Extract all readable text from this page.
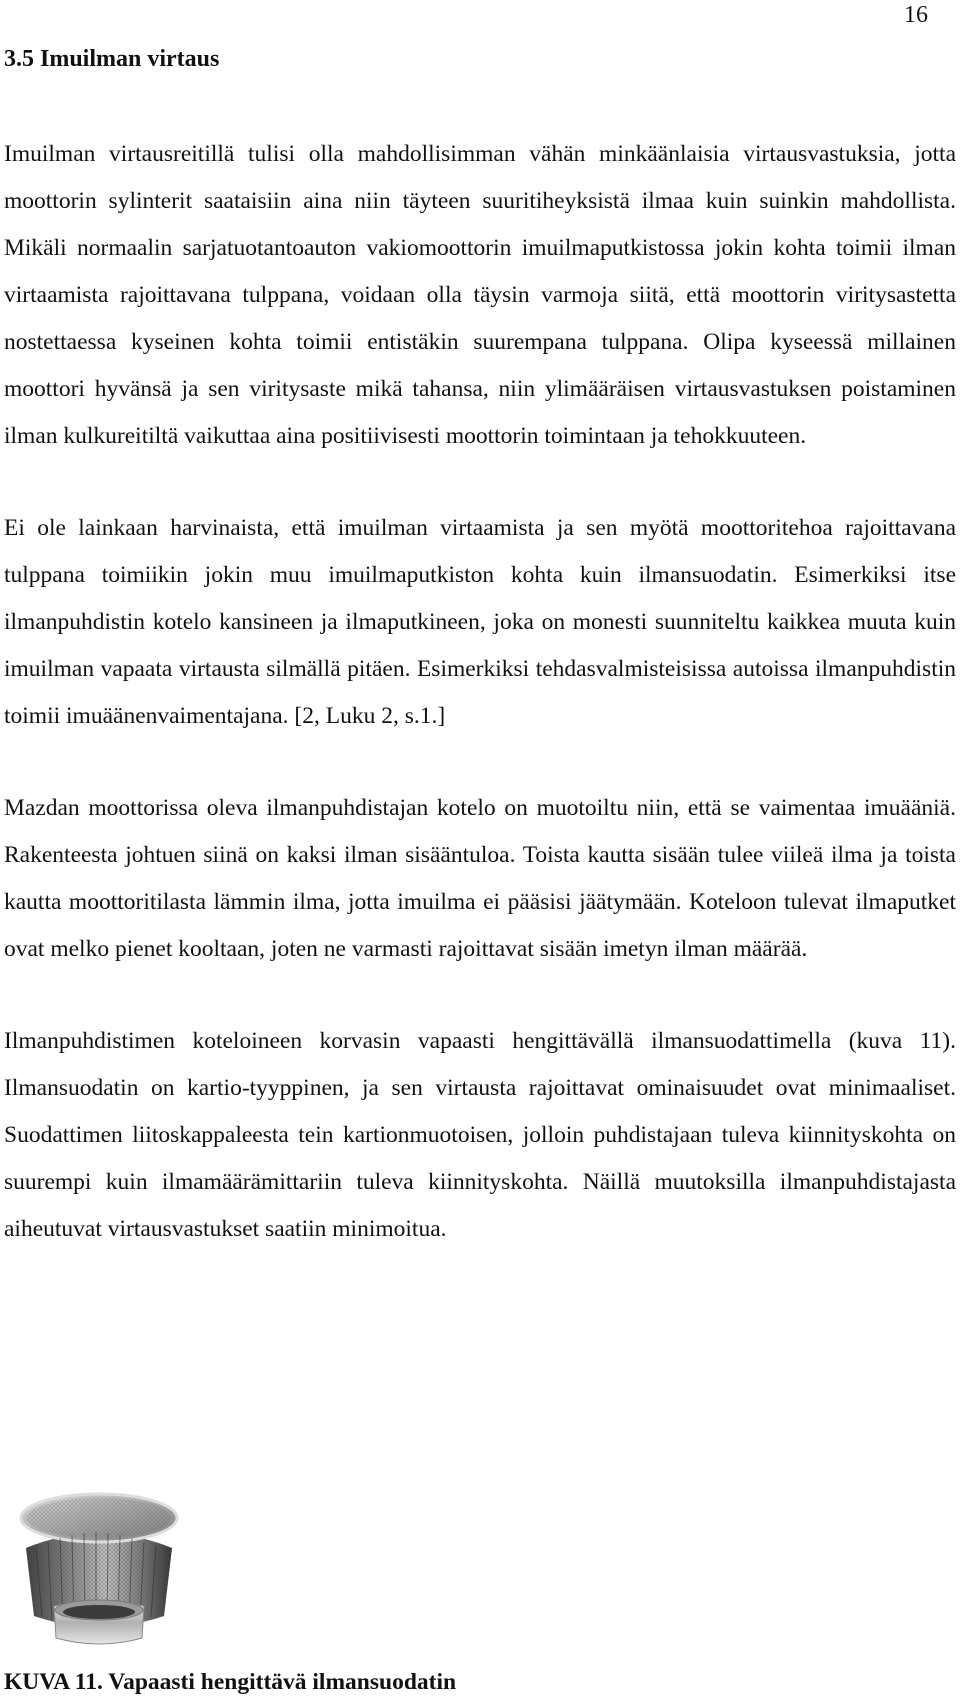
16
3.5 Imuilman virtaus

Imuilman virtausreitillä tulisi olla mahdollisimman vähän minkäänlaisia virtausvastuksia, jotta moottorin sylinterit saataisiin aina niin täyteen suuritiheyksistä ilmaa kuin suinkin mahdollista. Mikäli normaalin sarjatuotantoauton vakiomoottorin imuilmaputkistossa jokin kohta toimii ilman virtaamista rajoittavana tulppana, voidaan olla täysin varmoja siitä, että moottorin viritysastetta nostettaessa kyseinen kohta toimii entistäkin suurempana tulppana. Olipa kyseessä millainen moottori hyvänsä ja sen viritysaste mikä tahansa, niin ylimääräisen virtausvastuksen poistaminen ilman kulkureitiltä vaikuttaa aina positiivisesti moottorin toimintaan ja tehokkuuteen.

Ei ole lainkaan harvinaista, että imuilman virtaamista ja sen myötä moottoritehoa rajoittavana tulppana toimiikin jokin muu imuilmaputkiston kohta kuin ilmansuodatin. Esimerkiksi itse ilmanpuhdistin kotelo kansineen ja ilmaputkineen, joka on monesti suunniteltu kaikkea muuta kuin imuilman vapaata virtausta silmällä pitäen. Esimerkiksi tehdasvalmisteisissa autoissa ilmanpuhdistin toimii imuäänenvaimentajana. [2, Luku 2, s.1.]

Mazdan moottorissa oleva ilmanpuhdistajan kotelo on muotoiltu niin, että se vaimentaa imuääniä. Rakenteesta johtuen siinä on kaksi ilman sisääntuloa. Toista kautta sisään tulee viileä ilma ja toista kautta moottoritilasta lämmin ilma, jotta imuilma ei pääsisi jäätymään. Koteloon tulevat ilmaputket ovat melko pienet kooltaan, joten ne varmasti rajoittavat sisään imetyn ilman määrää.

Ilmanpuhdistimen koteloineen korvasin vapaasti hengittävällä ilmansuodattimella (kuva 11). Ilmansuodatin on kartio-tyyppinen, ja sen virtausta rajoittavat ominaisuudet ovat minimaaliset. Suodattimen liitoskappaleesta tein kartionmuotoisen, jolloin puhdistajaan tuleva kiinnityskohta on suurempi kuin ilmamäärämittariin tuleva kiinnityskohta. Näillä muutoksilla ilmanpuhdistajasta aiheutuvat virtausvastukset saatiin minimoitua.

KUVA 11. Vapaasti hengittävä ilmansuodatin
